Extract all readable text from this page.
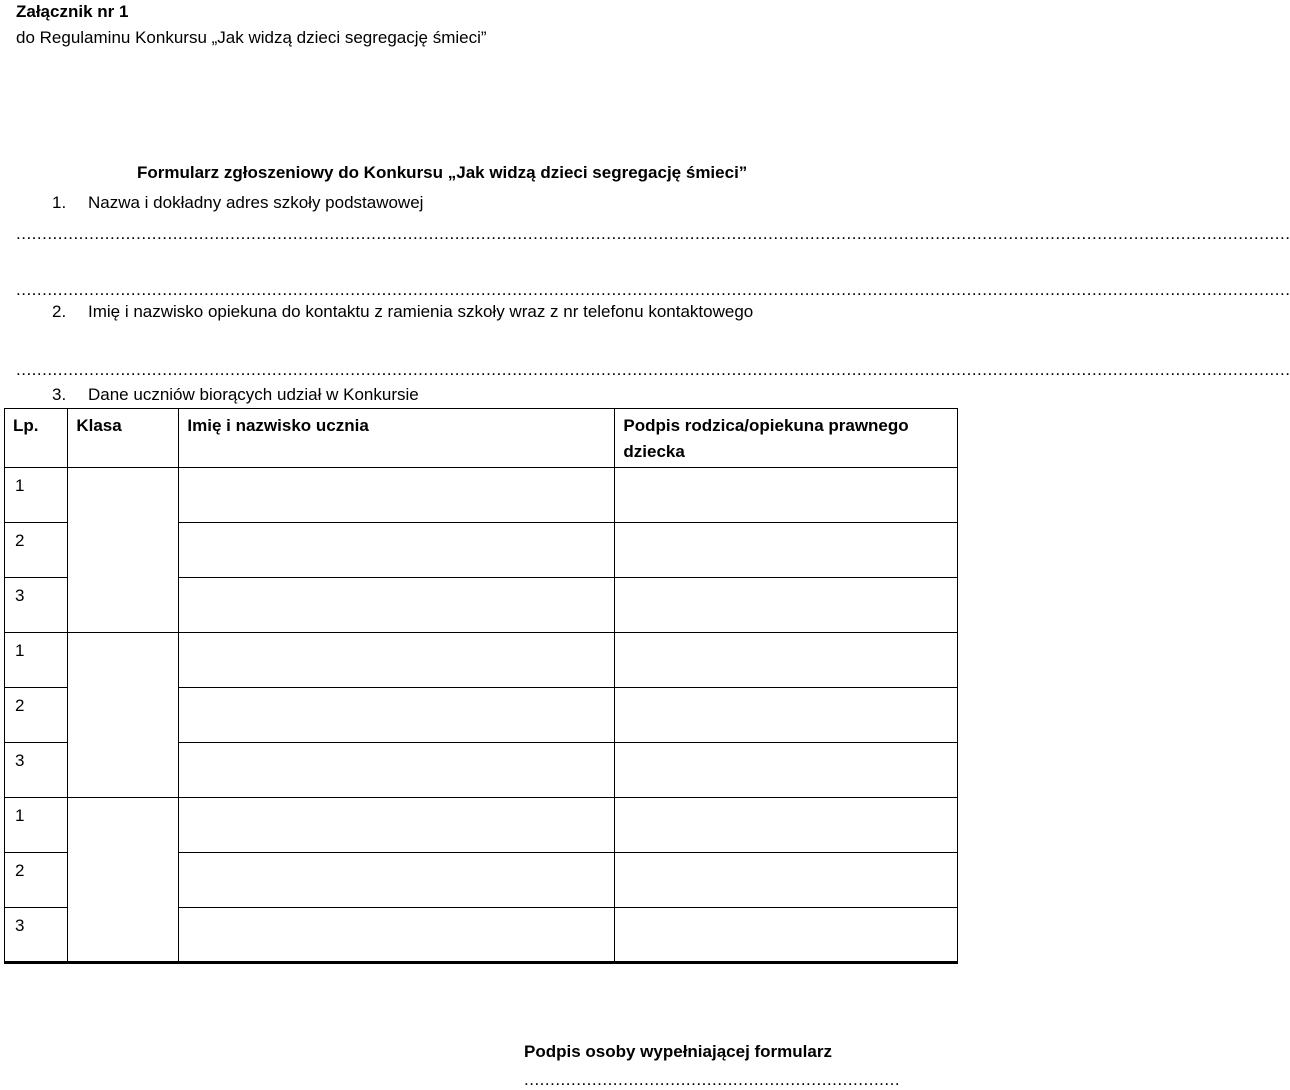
Załącznik nr 1
do Regulaminu Konkursu „Jak widzą dzieci segregację śmieci”
Formularz zgłoszeniowy do Konkursu „Jak widzą dzieci segregację śmieci”
1. Nazwa i dokładny adres szkoły podstawowej
....................................................................................................................................................................................................................................................
....................................................................................................................................................................................................................................................
2. Imię i nazwisko opiekuna do kontaktu z ramienia szkoły wraz z nr telefonu kontaktowego
....................................................................................................................................................................................................................................................
3. Dane uczniów biorących udział w Konkursie
Lp.	Klasa	Imię i nazwisko ucznia	Podpis rodzica/opiekuna prawnego dziecka
1			
2			
3			
1			
2			
3			
1			
2			
3			
Podpis osoby wypełniającej formularz
........................................................................
